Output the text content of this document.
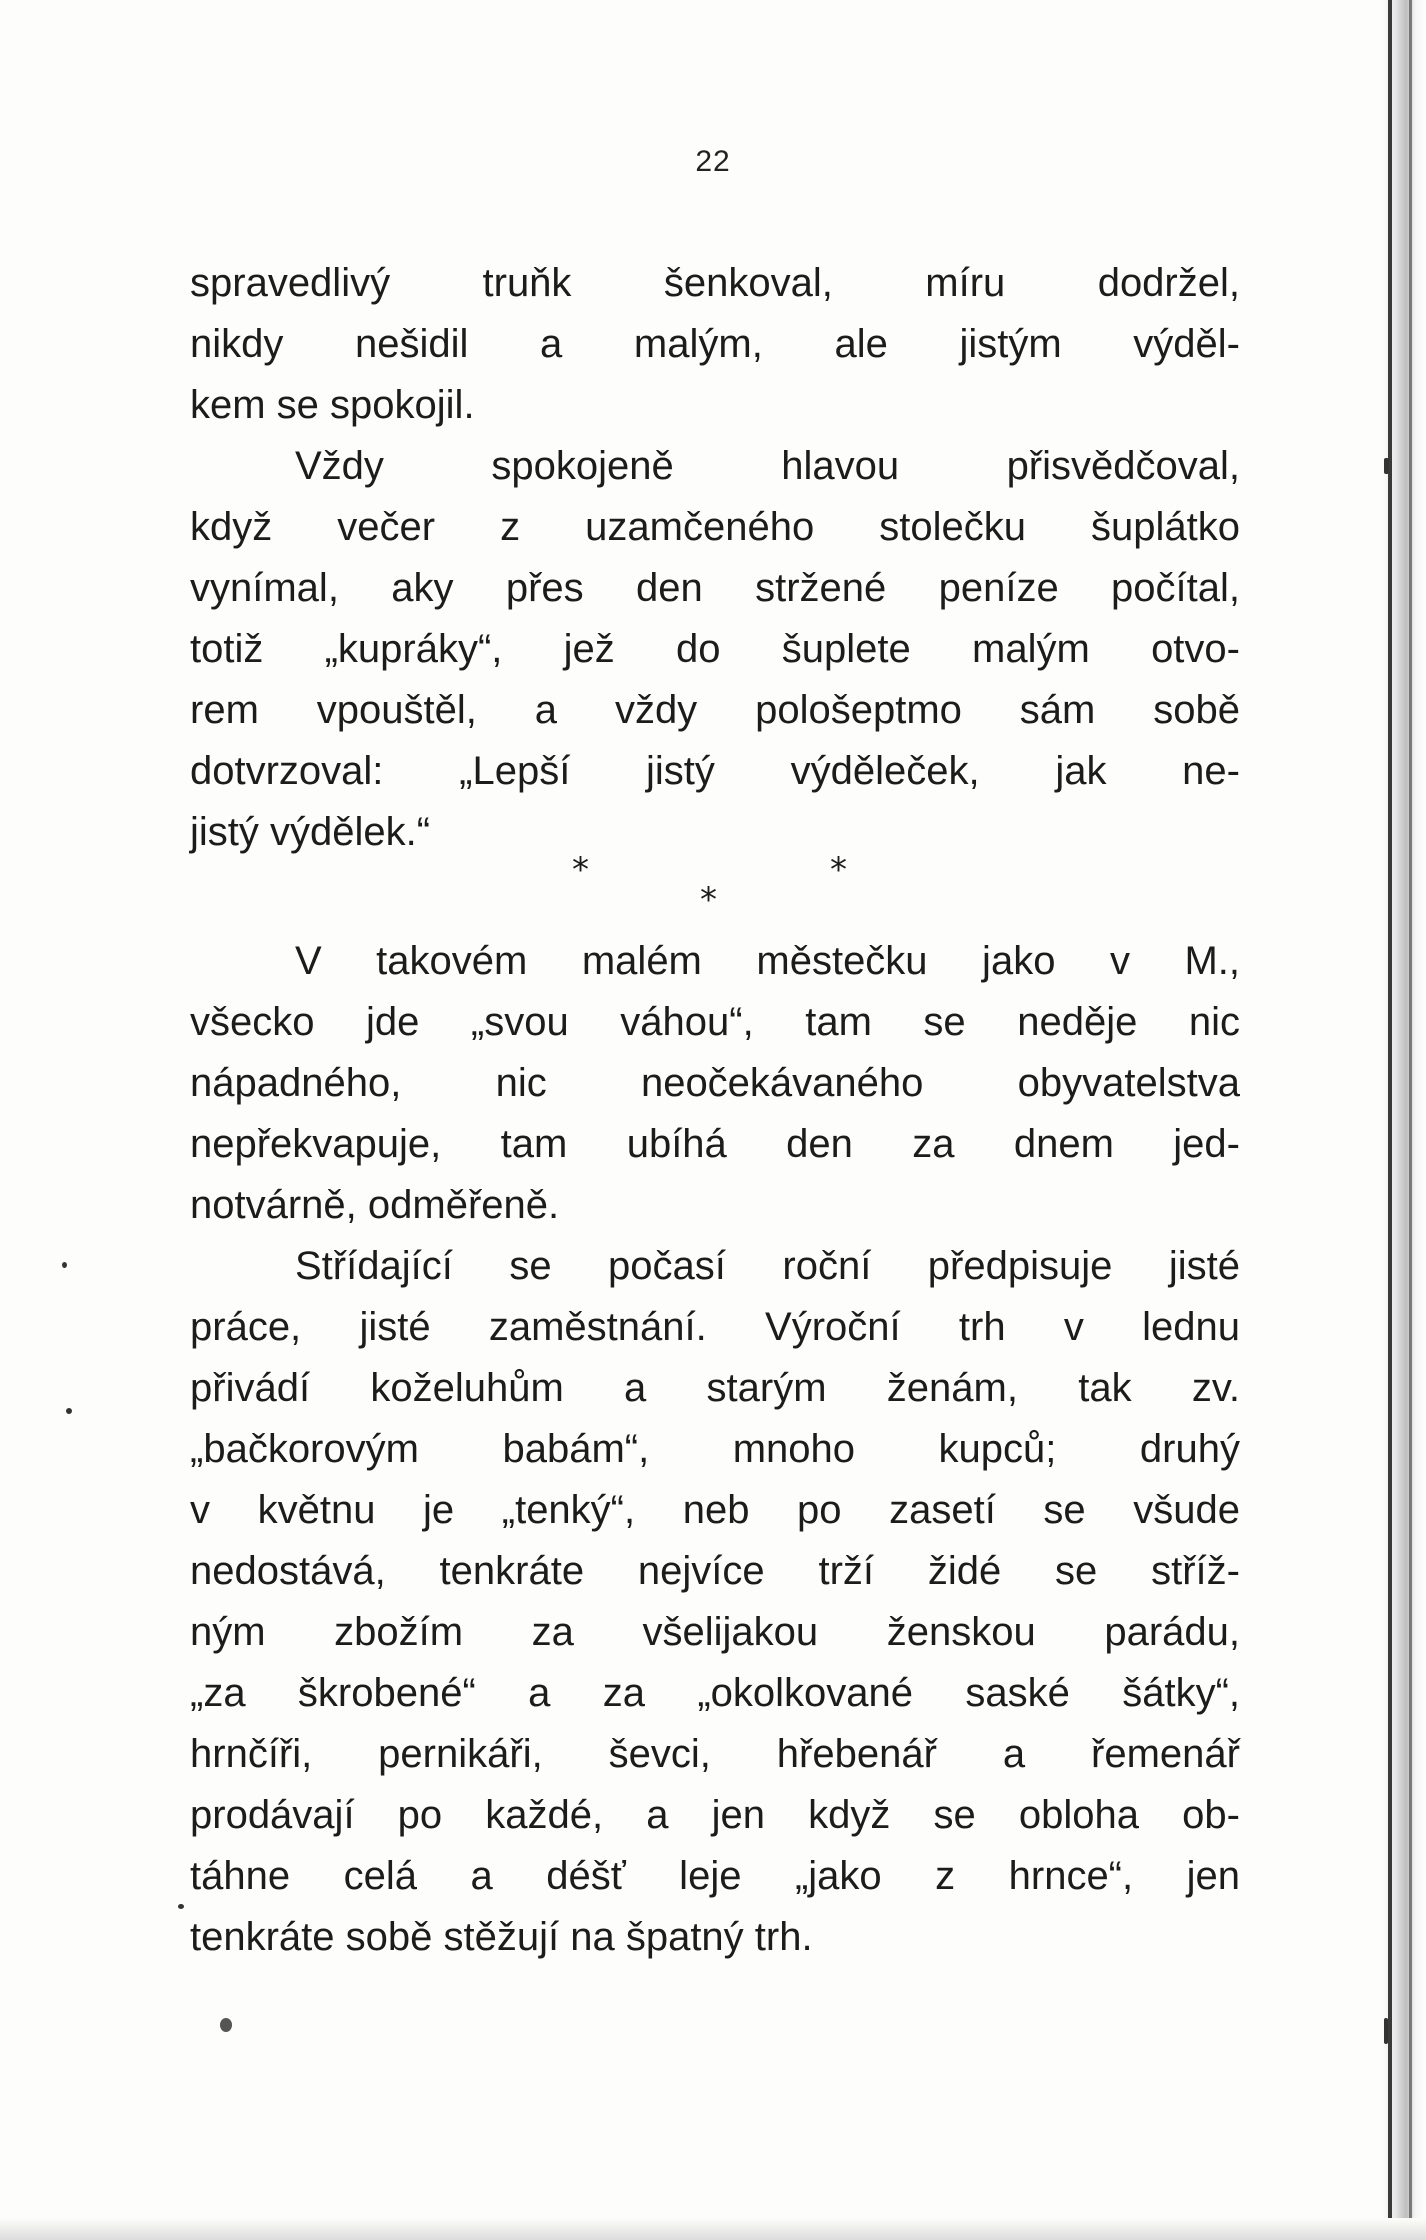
22
spravedlivý truňk šenkoval, míru dodržel,
nikdy nešidil a malým, ale jistým výděl-
kem se spokojil.
Vždy spokojeně hlavou přisvědčoval,
když večer z uzamčeného stolečku šuplátko
vynímal, aky přes den stržené peníze počítal,
totiž „kupráky“, jež do šuplete malým otvo-
rem vpouštěl, a vždy pološeptmo sám sobě
dotvrzoval: „Lepší jistý výděleček, jak ne-
jistý výdělek.“
*
*
*
V takovém malém městečku jako v M.,
všecko jde „svou váhou“, tam se neděje nic
nápadného, nic neočekávaného obyvatelstva
nepřekvapuje, tam ubíhá den za dnem jed-
notvárně, odměřeně.
Střídající se počasí roční předpisuje jisté
práce, jisté zaměstnání. Výroční trh v lednu
přivádí koželuhům a starým ženám, tak zv.
„bačkorovým babám“, mnoho kupců; druhý
v květnu je „tenký“, neb po zasetí se všude
nedostává, tenkráte nejvíce trží židé se stříž-
ným zbožím za všelijakou ženskou parádu,
„za škrobené“ a za „okolkované saské šátky“,
hrnčíři, pernikáři, ševci, hřebenář a řemenář
prodávají po každé, a jen když se obloha ob-
táhne celá a déšť leje „jako z hrnce“, jen
tenkráte sobě stěžují na špatný trh.
